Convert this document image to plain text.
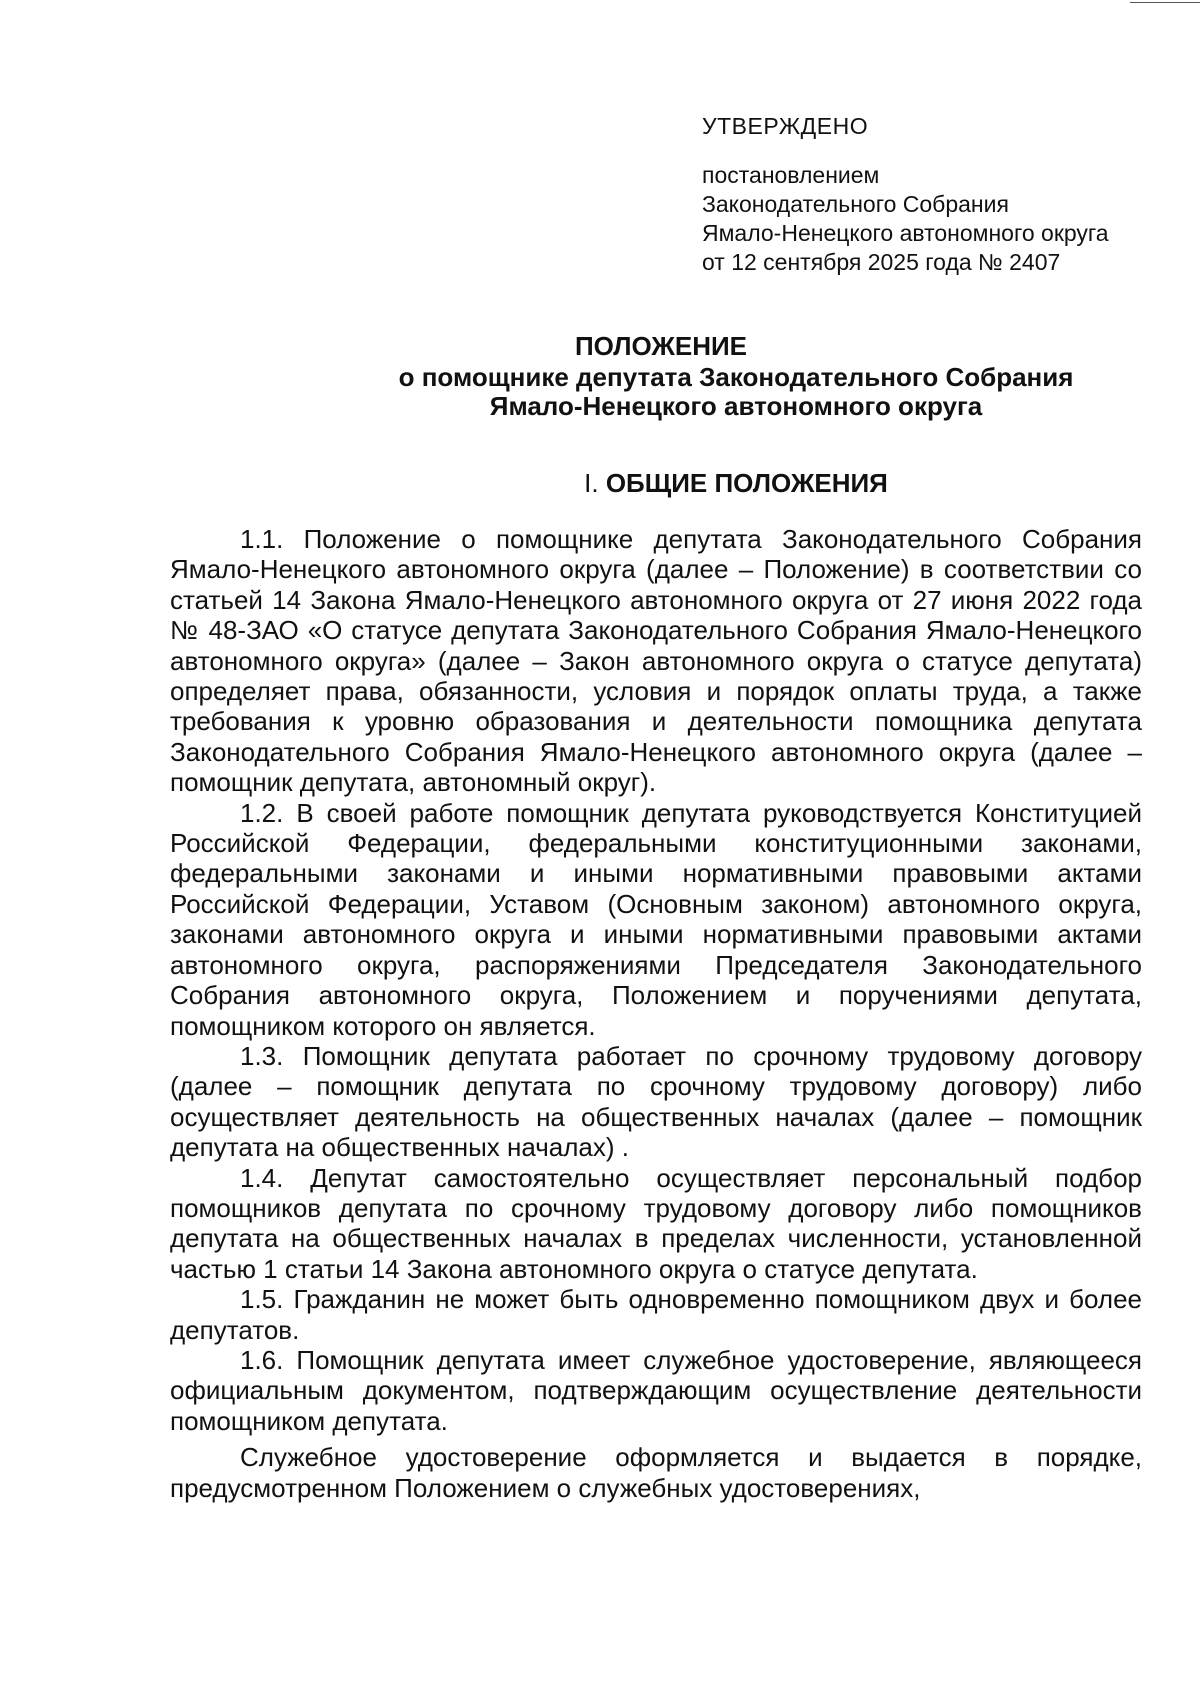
УТВЕРЖДЕНО
постановлением
Законодательного Собрания
Ямало-Ненецкого автономного округа
от 12 сентября 2025 года № 2407
ПОЛОЖЕНИЕ
о помощнике депутата Законодательного Собрания
Ямало-Ненецкого автономного округа
I. ОБЩИЕ ПОЛОЖЕНИЯ

1.1. Положение о помощнике депутата Законодательного Собрания Ямало-Ненецкого автономного округа (далее – Положение) в соответствии со статьей 14 Закона Ямало-Ненецкого автономного округа от 27 июня 2022 года № 48-ЗАО «О статусе депутата Законодательного Собрания Ямало-Ненецкого автономного округа» (далее – Закон автономного округа о статусе депутата) определяет права, обязанности, условия и порядок оплаты труда, а также требования к уровню образования и деятельности помощника депутата Законодательного Собрания Ямало-Ненецкого автономного округа (далее – помощник депутата, автономный округ).

1.2. В своей работе помощник депутата руководствуется Конституцией Российской Федерации, федеральными конституционными законами, федеральными законами и иными нормативными правовыми актами Российской Федерации, Уставом (Основным законом) автономного округа, законами автономного округа и иными нормативными правовыми актами автономного округа, распоряжениями Председателя Законодательного Собрания автономного округа, Положением и поручениями депутата, помощником которого он является.

1.3. Помощник депутата работает по срочному трудовому договору (далее – помощник депутата по срочному трудовому договору) либо осуществляет деятельность на общественных началах (далее – помощник депутата на общественных началах) .

1.4. Депутат самостоятельно осуществляет персональный подбор помощников депутата по срочному трудовому договору либо помощников депутата на общественных началах в пределах численности, установленной частью 1 статьи 14 Закона автономного округа о статусе депутата.

1.5. Гражданин не может быть одновременно помощником двух и более депутатов.

1.6. Помощник депутата имеет служебное удостоверение, являющееся официальным документом, подтверждающим осуществление деятельности помощником депутата.

Служебное удостоверение оформляется и выдается в порядке, предусмотренном Положением о служебных удостоверениях,
